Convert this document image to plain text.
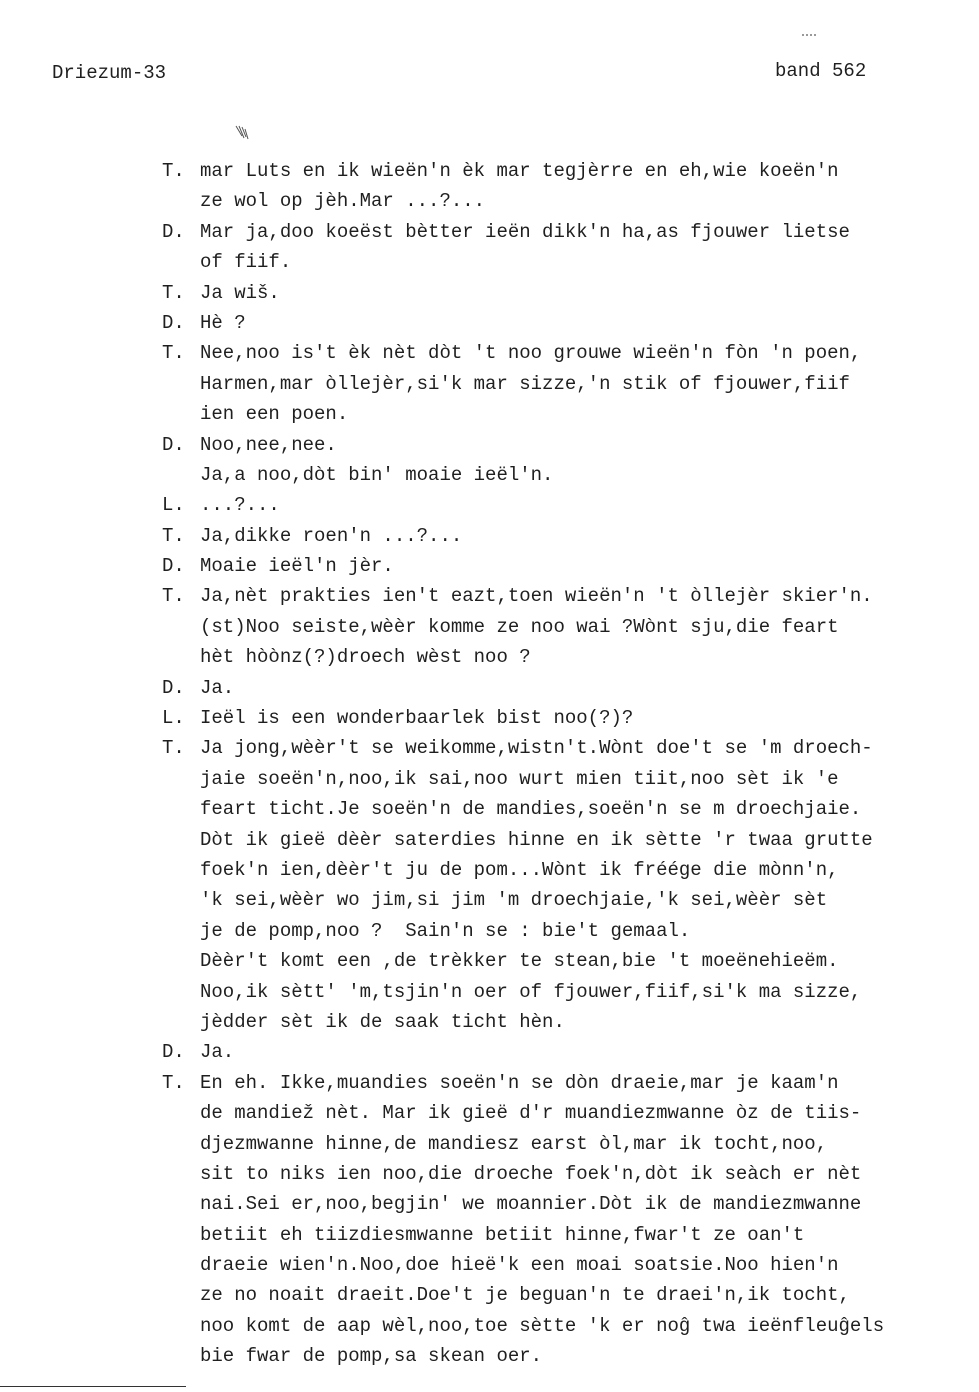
Driezum-33	band 562
T. mar Luts en ik wieën'n èk mar tegjèrre en eh,wie koeën'n
ze wol op jèh.Mar ...?...
D. Mar ja,doo koeëst bètter ieën dikk'n ha,as fjouwer lietse
of fiif.
T. Ja wiš.
D. Hè ?
T. Nee,noo is't èk nèt dòt 't noo grouwe wieën'n fòn 'n poen,
Harmen,mar òllejèr,si'k mar sizze,'n stik of fjouwer,fiif
ien een poen.
D. Noo,nee,nee.
Ja,a noo,dòt bin' moaie ieël'n.
L. ...?...
T. Ja,dikke roen'n ...?...
D. Moaie ieël'n jèr.
T. Ja,nèt prakties ien't eazt,toen wieën'n 't òllejèr skier'n.
(st)Noo seiste,wèèr komme ze noo wai ?Wònt sju,die feart
hèt hòònz(?)droech wèst noo ?
D. Ja.
L. Ieël is een wonderbaarlek bist noo(?)?
T. Ja jong,wèèr't se weikomme,wistn't.Wònt doe't se 'm droech-
jaie soeën'n,noo,ik sai,noo wurt mien tiit,noo sèt ik 'e
feart ticht.Je soeën'n de mandies,soeën'n se m droechjaie.
Dòt ik gieë dèèr saterdies hinne en ik sètte 'r twaa grutte
foek'n ien,dèèr't ju de pom...Wònt ik fréége die mònn'n,
'k sei,wèèr wo jim,si jim 'm droechjaie,'k sei,wèèr sèt
je de pomp,noo ?  Sain'n se : bie't gemaal.
Dèèr't komt een ,de trèkker te stean,bie 't moeënehieëm.
Noo,ik sètt' 'm,tsjin'n oer of fjouwer,fiif,si'k ma sizze,
jèdder sèt ik de saak ticht hèn.
D. Ja.
T. En eh. Ikke,muandies soeën'n se dòn draeie,mar je kaam'n
de mandiež nèt. Mar ik gieë d'r muandiezmwanne òz de tiis-
djezmwanne hinne,de mandiesz earst òl,mar ik tocht,noo,
sit to niks ien noo,die droeche foek'n,dòt ik seàch er nèt
nai.Sei er,noo,begjin' we moannier.Dòt ik de mandiezmwanne
betiit eh tiizdiesmwanne betiit hinne,fwar't ze oan't
draeie wien'n.Noo,doe hieë'k een moai soatsie.Noo hien'n
ze no noait draeit.Doe't je beguan'n te draei'n,ik tocht,
noo komt de aap wèl,noo,toe sètte 'k er noĝ twa ieënfleuĝels
bie fwar de pomp,sa skean oer.
